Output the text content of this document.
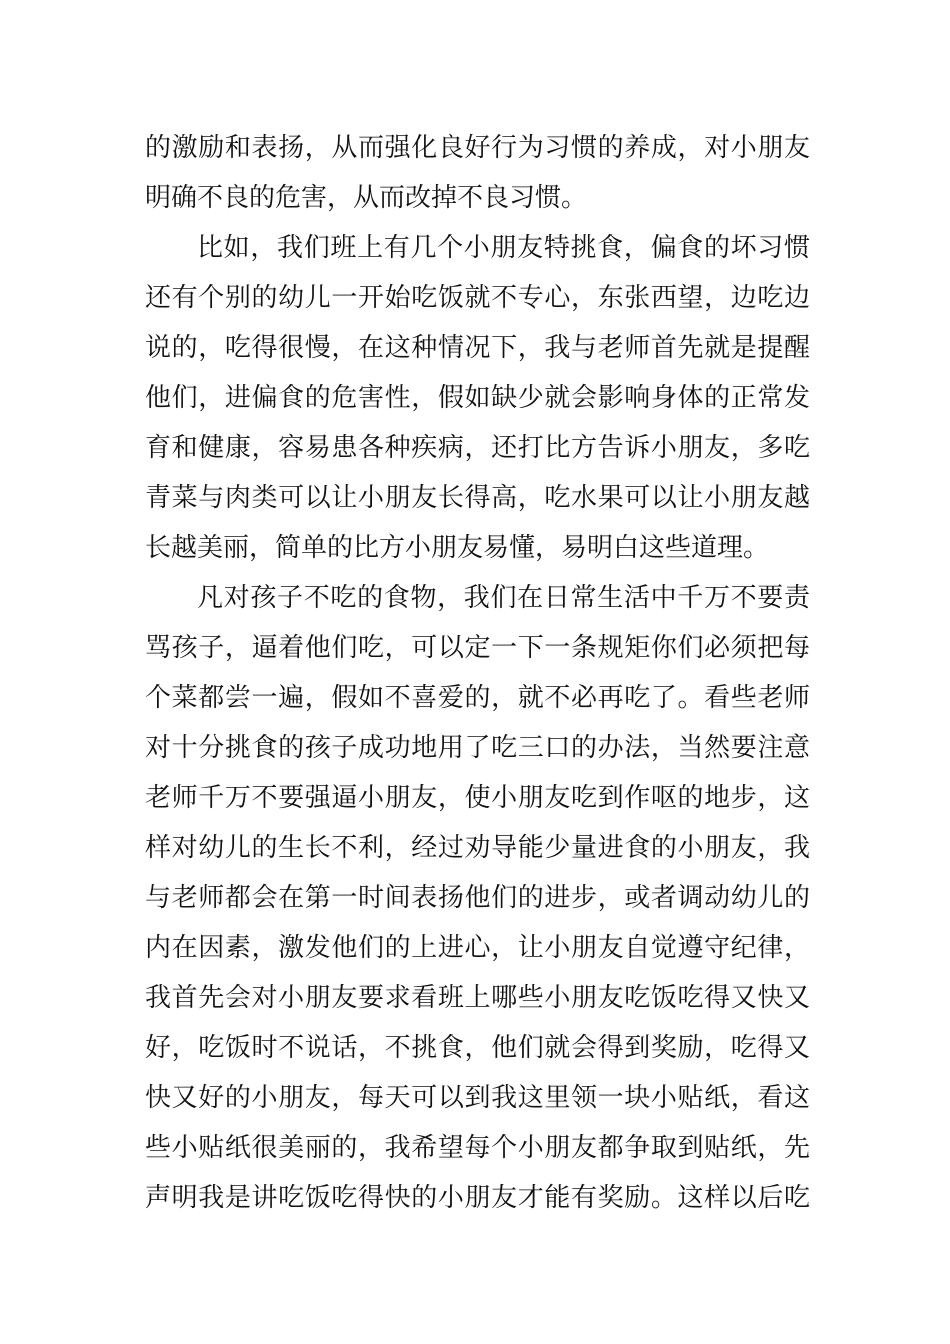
的激励和表扬，从而强化良好行为习惯的养成，对小朋友
明确不良的危害，从而改掉不良习惯。
比如，我们班上有几个小朋友特挑食，偏食的坏习惯
还有个别的幼儿一开始吃饭就不专心，东张西望，边吃边
说的，吃得很慢，在这种情况下，我与老师首先就是提醒
他们，进偏食的危害性，假如缺少就会影响身体的正常发
育和健康，容易患各种疾病，还打比方告诉小朋友，多吃
青菜与肉类可以让小朋友长得高，吃水果可以让小朋友越
长越美丽，简单的比方小朋友易懂，易明白这些道理。
凡对孩子不吃的食物，我们在日常生活中千万不要责
骂孩子，逼着他们吃，可以定一下一条规矩你们必须把每
个菜都尝一遍，假如不喜爱的，就不必再吃了。看些老师
对十分挑食的孩子成功地用了吃三口的办法，当然要注意
老师千万不要强逼小朋友，使小朋友吃到作呕的地步，这
样对幼儿的生长不利，经过劝导能少量进食的小朋友，我
与老师都会在第一时间表扬他们的进步，或者调动幼儿的
内在因素，激发他们的上进心，让小朋友自觉遵守纪律，
我首先会对小朋友要求看班上哪些小朋友吃饭吃得又快又
好，吃饭时不说话，不挑食，他们就会得到奖励，吃得又
快又好的小朋友，每天可以到我这里领一块小贴纸，看这
些小贴纸很美丽的，我希望每个小朋友都争取到贴纸，先
声明我是讲吃饭吃得快的小朋友才能有奖励。这样以后吃
